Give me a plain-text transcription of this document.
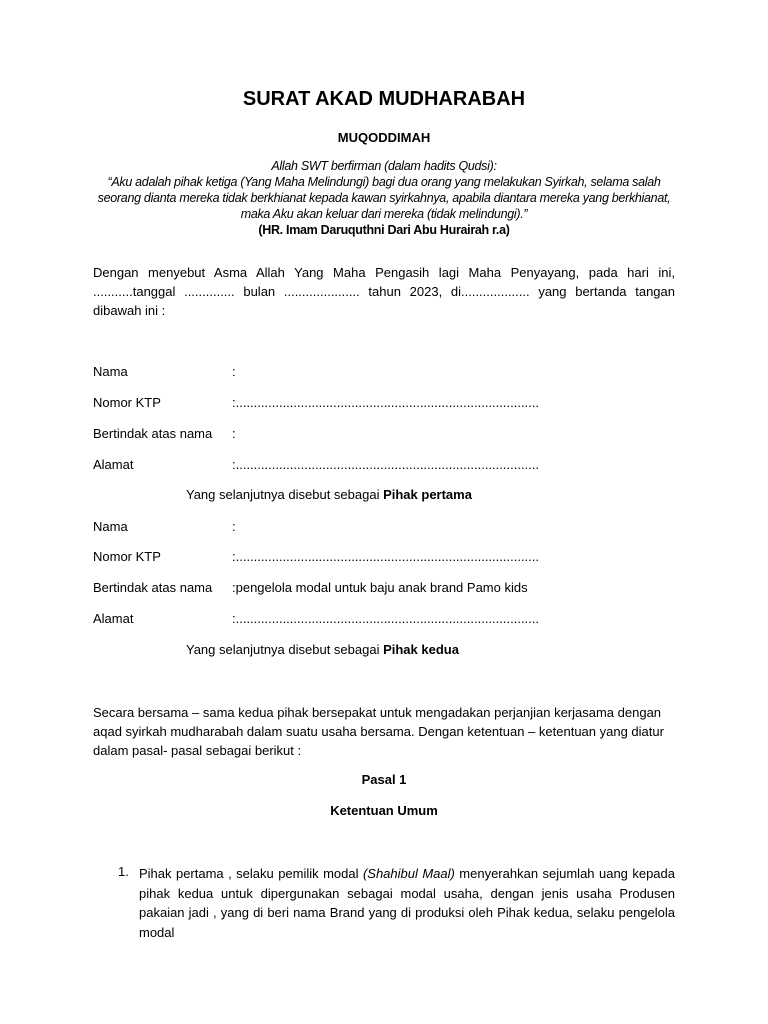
SURAT AKAD MUDHARABAH
MUQODDIMAH
Allah SWT berfirman (dalam hadits Qudsi):
“Aku adalah pihak ketiga (Yang Maha Melindungi) bagi dua orang yang melakukan Syirkah, selama salah
seorang dianta mereka tidak berkhianat kepada kawan syirkahnya, apabila diantara mereka yang berkhianat,
maka Aku akan keluar dari mereka (tidak melindungi).”
(HR. Imam Daruquthni Dari Abu Hurairah r.a)
Dengan menyebut Asma Allah Yang Maha Pengasih lagi Maha Penyayang, pada hari ini, ...........tanggal .............. bulan ..................... tahun 2023, di................... yang bertanda tangan dibawah ini :
Nama	:
Nomor KTP	:....................................................................................
Bertindak atas nama :
Alamat	:....................................................................................
Yang selanjutnya disebut sebagai Pihak pertama
Nama	:
Nomor KTP	:....................................................................................
Bertindak atas nama :pengelola modal untuk baju anak brand Pamo kids
Alamat	:....................................................................................
Yang selanjutnya disebut sebagai Pihak kedua
Secara bersama – sama kedua pihak bersepakat untuk mengadakan perjanjian kerjasama dengan
aqad syirkah mudharabah dalam suatu usaha bersama. Dengan ketentuan – ketentuan yang diatur
dalam pasal- pasal sebagai berikut :
Pasal 1
Ketentuan Umum
1. Pihak pertama , selaku pemilik modal (Shahibul Maal) menyerahkan sejumlah uang kepada pihak kedua untuk dipergunakan sebagai modal usaha, dengan jenis usaha Produsen pakaian jadi , yang di beri nama Brand yang di produksi oleh Pihak kedua, selaku pengelola modal
